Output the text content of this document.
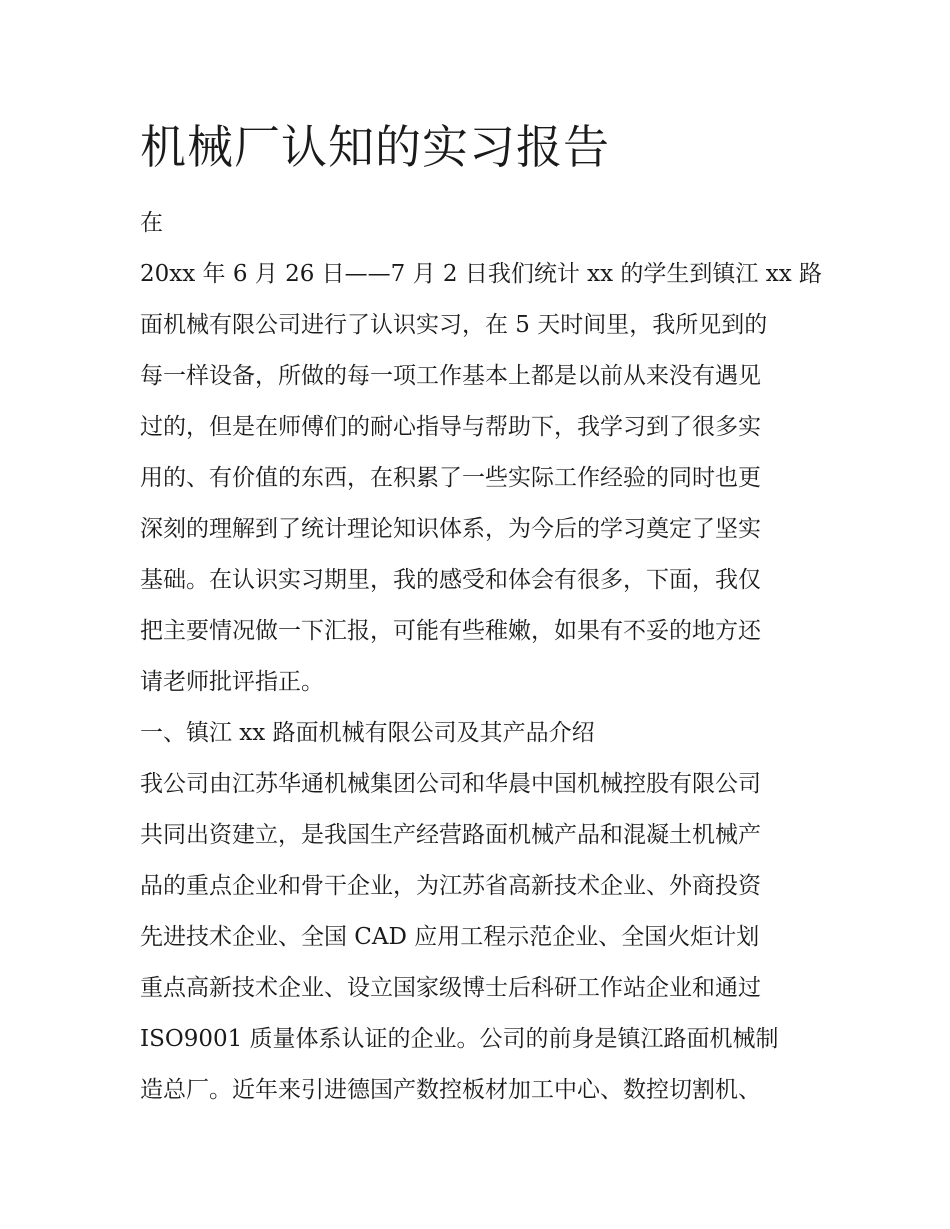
机械厂认知的实习报告

在

20xx 年 6 月 26 日——7 月 2 日我们统计 xx 的学生到镇江 xx 路

面机械有限公司进行了认识实习，在 5 天时间里，我所见到的

每一样设备，所做的每一项工作基本上都是以前从来没有遇见

过的，但是在师傅们的耐心指导与帮助下，我学习到了很多实

用的、有价值的东西，在积累了一些实际工作经验的同时也更

深刻的理解到了统计理论知识体系，为今后的学习奠定了坚实

基础。在认识实习期里，我的感受和体会有很多，下面，我仅

把主要情况做一下汇报，可能有些稚嫩，如果有不妥的地方还

请老师批评指正。

一、镇江 xx 路面机械有限公司及其产品介绍

我公司由江苏华通机械集团公司和华晨中国机械控股有限公司

共同出资建立，是我国生产经营路面机械产品和混凝土机械产

品的重点企业和骨干企业，为江苏省高新技术企业、外商投资

先进技术企业、全国 CAD 应用工程示范企业、全国火炬计划

重点高新技术企业、设立国家级博士后科研工作站企业和通过

ISO9001 质量体系认证的企业。公司的前身是镇江路面机械制

造总厂。近年来引进德国产数控板材加工中心、数控切割机、
